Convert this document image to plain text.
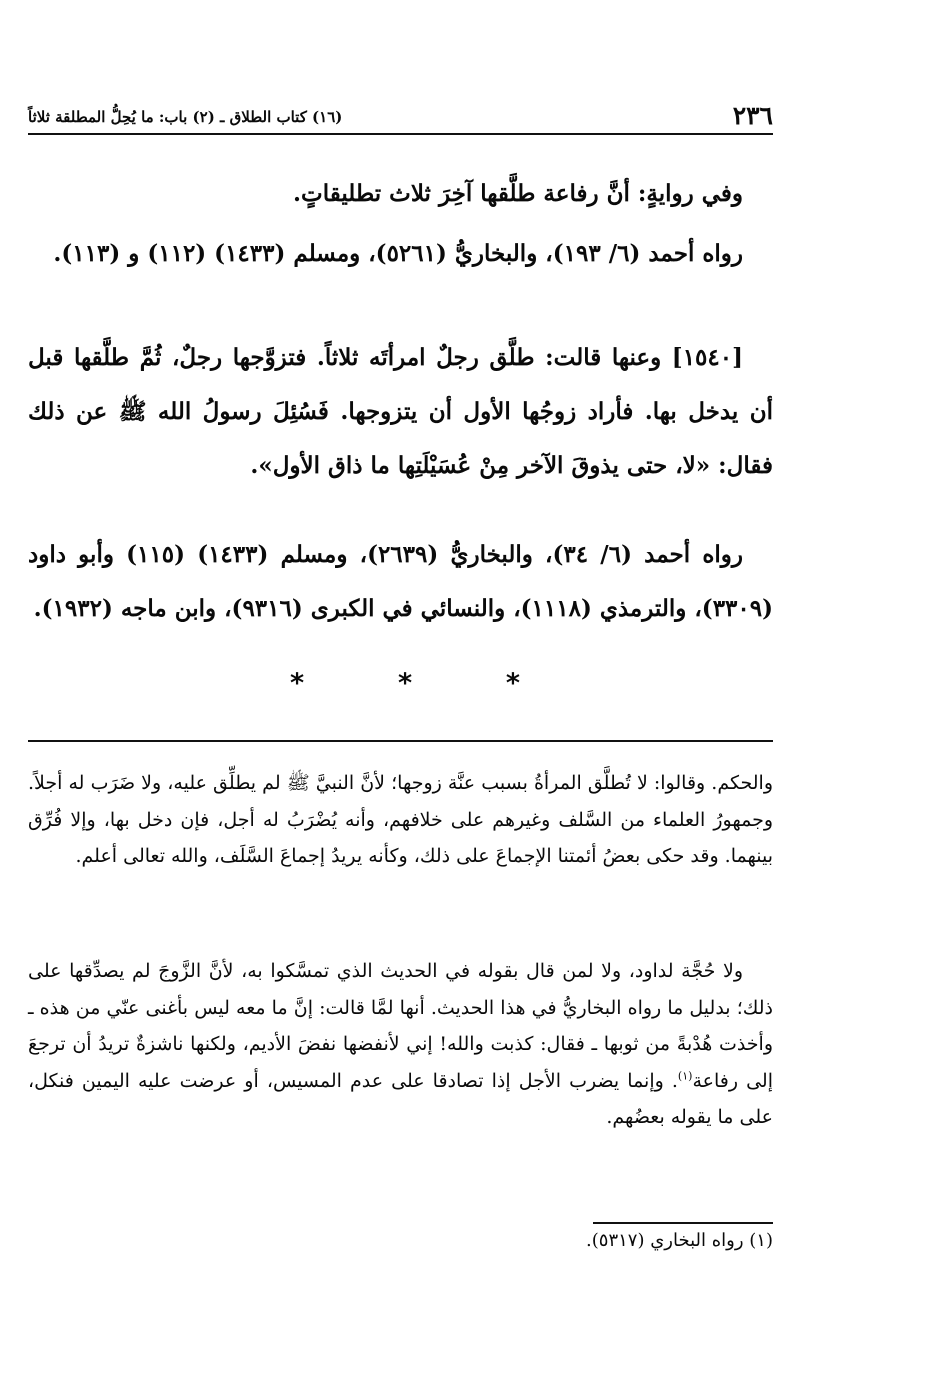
٢٣٦
(١٦) كتاب الطلاق ـ (٢) باب: ما يُحِلُّ المطلقة ثلاثاً

وفي روايةٍ: أنَّ رفاعة طلَّقها آخِرَ ثلاث تطليقاتٍ.

رواه أحمد (٦/ ١٩٣)، والبخاريُّ (٥٢٦١)، ومسلم (١٤٣٣) (١١٢) و (١١٣).

[١٥٤٠] وعنها قالت: طلَّق رجلٌ امرأتَه ثلاثاً. فتزوَّجها رجلٌ، ثُمَّ طلَّقها قبل أن يدخل بها. فأراد زوجُها الأول أن يتزوجها. فَسُئِلَ رسولُ الله ﷺ عن ذلك فقال: «لا، حتى يذوقَ الآخر مِنْ عُسَيْلَتِها ما ذاق الأول».

رواه أحمد (٦/ ٣٤)، والبخاريُّ (٢٦٣٩)، ومسلم (١٤٣٣) (١١٥) وأبو داود (٣٣٠٩)، والترمذي (١١١٨)، والنسائي في الكبرى (٩٣١٦)، وابن ماجه (١٩٣٢).

*	*	*

والحكم. وقالوا: لا تُطلَّق المرأةُ بسبب عنَّة زوجها؛ لأنَّ النبيَّ ﷺ لم يطلِّق عليه، ولا ضَرَب له أجلاً. وجمهورُ العلماء من السَّلف وغيرهم على خلافهم، وأنه يُضْرَبُ له أجل، فإن دخل بها، وإلا فُرِّق بينهما. وقد حكى بعضُ أئمتنا الإجماعَ على ذلك، وكأنه يريدُ إجماعَ السَّلَف، والله تعالى أعلم.

ولا حُجَّة لداود، ولا لمن قال بقوله في الحديث الذي تمسَّكوا به، لأنَّ الزَّوجَ لم يصدِّقها على ذلك؛ بدليل ما رواه البخاريُّ في هذا الحديث. أنها لمَّا قالت: إنَّ ما معه ليس بأغنى عنّي من هذه ـ وأخذت هُدْبةً من ثوبها ـ فقال: كذبت والله! إني لأنفضها نفضَ الأديم، ولكنها ناشزةٌ تريدُ أن ترجعَ إلى رفاعة$^{(١)}$. وإنما يضرب الأجل إذا تصادقا على عدم المسيس، أو عرضت عليه اليمين فنكل، على ما يقوله بعضُهم.

(١) رواه البخاري (٥٣١٧).
